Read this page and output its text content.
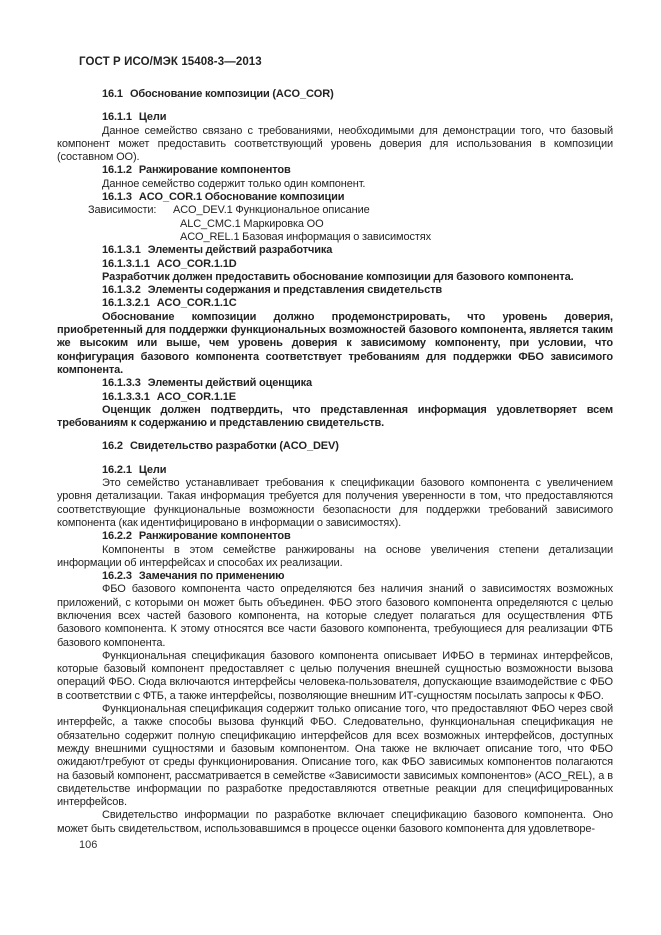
ГОСТ Р ИСО/МЭК 15408-3—2013
16.1 Обоснование композиции (ACO_COR)
16.1.1 Цели

Данное семейство связано с требованиями, необходимыми для демонстрации того, что базовый компонент может предоставить соответствующий уровень доверия для использования в композиции (составном ОО).

16.1.2 Ранжирование компонентов

Данное семейство содержит только один компонент.

16.1.3 ACO_COR.1 Обоснование композиции
Зависимости: ACO_DEV.1 Функциональное описание
ALC_CMC.1 Маркировка ОО
ACO_REL.1 Базовая информация о зависимостях
16.1.3.1 Элементы действий разработчика
16.1.3.1.1 ACO_COR.1.1D

Разработчик должен предоставить обоснование композиции для базового компонента.

16.1.3.2 Элементы содержания и представления свидетельств
16.1.3.2.1 ACO_COR.1.1C

Обоснование композиции должно продемонстрировать, что уровень доверия, приобретенный для поддержки функциональных возможностей базового компонента, является таким же высоким или выше, чем уровень доверия к зависимому компоненту, при условии, что конфигурация базового компонента соответствует требованиям для поддержки ФБО зависимого компонента.

16.1.3.3 Элементы действий оценщика
16.1.3.3.1 ACO_COR.1.1E

Оценщик должен подтвердить, что представленная информация удовлетворяет всем требованиям к содержанию и представлению свидетельств.

16.2 Свидетельство разработки (ACO_DEV)
16.2.1 Цели

Это семейство устанавливает требования к спецификации базового компонента с увеличением уровня детализации. Такая информация требуется для получения уверенности в том, что предоставляются соответствующие функциональные возможности безопасности для поддержки требований зависимого компонента (как идентифицировано в информации о зависимостях).

16.2.2 Ранжирование компонентов

Компоненты в этом семействе ранжированы на основе увеличения степени детализации информации об интерфейсах и способах их реализации.

16.2.3 Замечания по применению

ФБО базового компонента часто определяются без наличия знаний о зависимостях возможных приложений, с которыми он может быть объединен. ФБО этого базового компонента определяются с целью включения всех частей базового компонента, на которые следует полагаться для осуществления ФТБ базового компонента. К этому относятся все части базового компонента, требующиеся для реализации ФТБ базового компонента.

Функциональная спецификация базового компонента описывает ИФБО в терминах интерфейсов, которые базовый компонент предоставляет с целью получения внешней сущностью возможности вызова операций ФБО. Сюда включаются интерфейсы человека-пользователя, допускающие взаимодействие с ФБО в соответствии с ФТБ, а также интерфейсы, позволяющие внешним ИТ-сущностям посылать запросы к ФБО.

Функциональная спецификация содержит только описание того, что предоставляют ФБО через свой интерфейс, а также способы вызова функций ФБО. Следовательно, функциональная спецификация не обязательно содержит полную спецификацию интерфейсов для всех возможных интерфейсов, доступных между внешними сущностями и базовым компонентом. Она также не включает описание того, что ФБО ожидают/требуют от среды функционирования. Описание того, как ФБО зависимых компонентов полагаются на базовый компонент, рассматривается в семействе «Зависимости зависимых компонентов» (ACO_REL), а в свидетельстве информации по разработке предоставляются ответные реакции для специфицированных интерфейсов.

Свидетельство информации по разработке включает спецификацию базового компонента. Оно может быть свидетельством, использовавшимся в процессе оценки базового компонента для удовлетворе-

106
